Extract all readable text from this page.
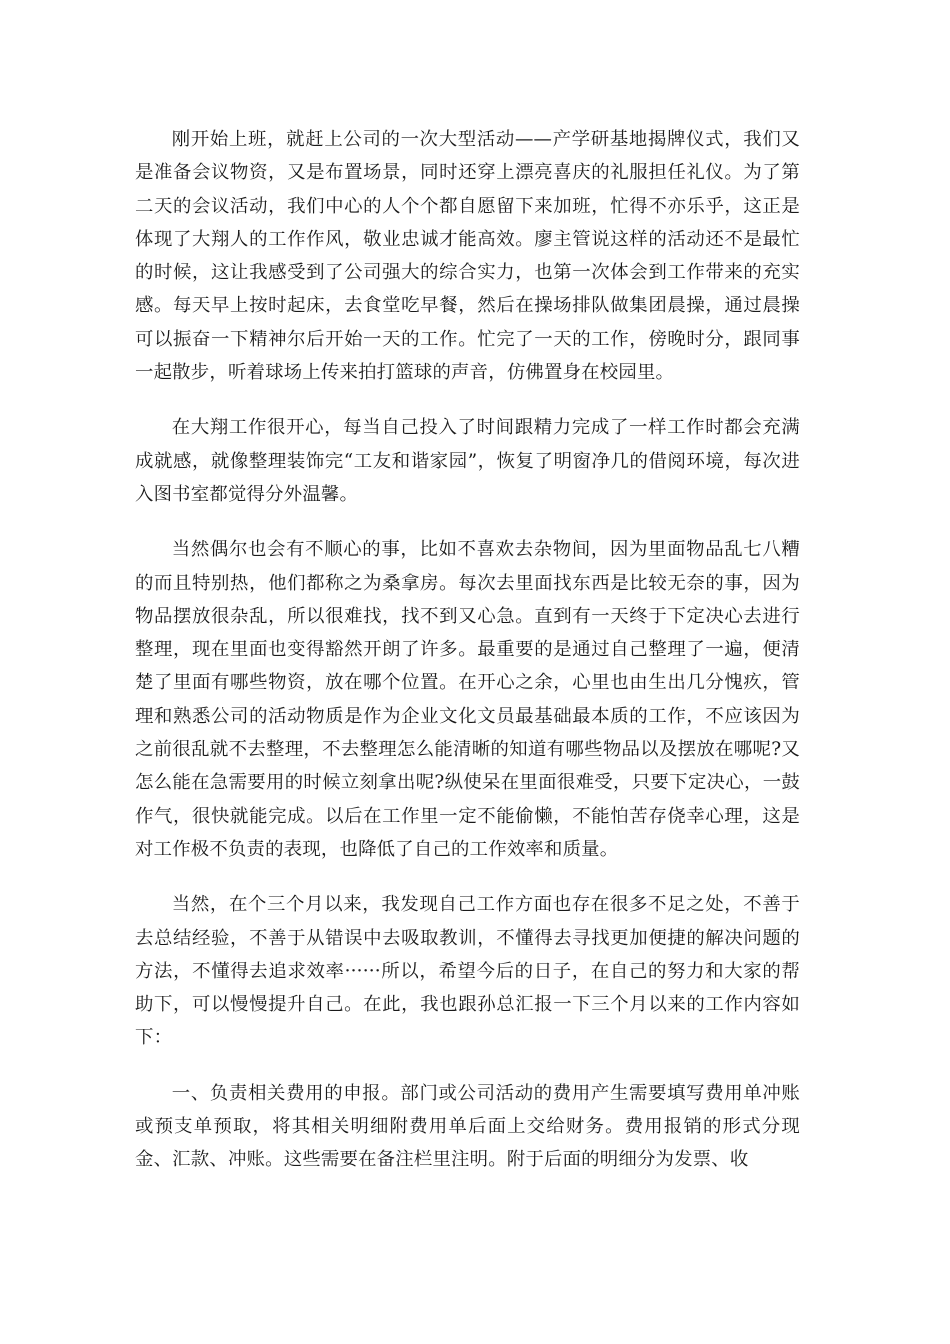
刚开始上班，就赶上公司的一次大型活动——产学研基地揭牌仪式，我们又是准备会议物资，又是布置场景，同时还穿上漂亮喜庆的礼服担任礼仪。为了第二天的会议活动，我们中心的人个个都自愿留下来加班，忙得不亦乐乎，这正是体现了大翔人的工作作风，敬业忠诚才能高效。廖主管说这样的活动还不是最忙的时候，这让我感受到了公司强大的综合实力，也第一次体会到工作带来的充实感。每天早上按时起床，去食堂吃早餐，然后在操场排队做集团晨操，通过晨操可以振奋一下精神尔后开始一天的工作。忙完了一天的工作，傍晚时分，跟同事一起散步，听着球场上传来拍打篮球的声音，仿佛置身在校园里。

在大翔工作很开心，每当自己投入了时间跟精力完成了一样工作时都会充满成就感，就像整理装饰完“工友和谐家园”，恢复了明窗净几的借阅环境，每次进入图书室都觉得分外温馨。

当然偶尔也会有不顺心的事，比如不喜欢去杂物间，因为里面物品乱七八糟的而且特别热，他们都称之为桑拿房。每次去里面找东西是比较无奈的事，因为物品摆放很杂乱，所以很难找，找不到又心急。直到有一天终于下定决心去进行整理，现在里面也变得豁然开朗了许多。最重要的是通过自己整理了一遍，便清楚了里面有哪些物资，放在哪个位置。在开心之余，心里也由生出几分愧疚，管理和熟悉公司的活动物质是作为企业文化文员最基础最本质的工作，不应该因为之前很乱就不去整理，不去整理怎么能清晰的知道有哪些物品以及摆放在哪呢?又怎么能在急需要用的时候立刻拿出呢?纵使呆在里面很难受，只要下定决心，一鼓作气，很快就能完成。以后在工作里一定不能偷懒，不能怕苦存侥幸心理，这是对工作极不负责的表现，也降低了自己的工作效率和质量。

当然，在个三个月以来，我发现自己工作方面也存在很多不足之处，不善于去总结经验，不善于从错误中去吸取教训，不懂得去寻找更加便捷的解决问题的方法，不懂得去追求效率······所以，希望今后的日子，在自己的努力和大家的帮助下，可以慢慢提升自己。在此，我也跟孙总汇报一下三个月以来的工作内容如下：

一、负责相关费用的申报。部门或公司活动的费用产生需要填写费用单冲账或预支单预取，将其相关明细附费用单后面上交给财务。费用报销的形式分现金、汇款、冲账。这些需要在备注栏里注明。附于后面的明细分为发票、收
